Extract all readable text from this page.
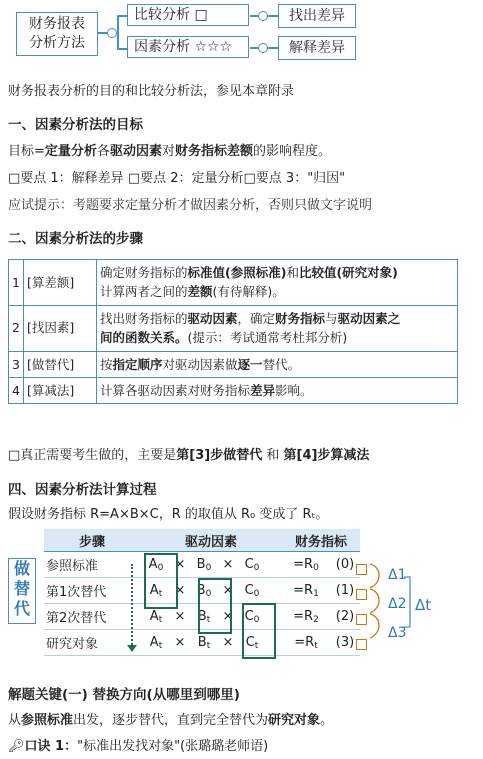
财务报表分析方法
比较分析 □
因素分析 ☆☆☆
找出差异
解释差异
财务报表分析的目的和比较分析法，参见本章附录
一、因素分析法的目标
目标=定量分析各驱动因素对财务指标差额的影响程度。
□要点 1：解释差异 □要点 2：定量分析□要点 3："归因"
应试提示：考题要求定量分析才做因素分析，否则只做文字说明
二、因素分析法的步骤
1	[算差额]	确定财务指标的标准值(参照标准)和比较值(研究对象)
计算两者之间的差额(有待解释)。
2	[找因素]	找出财务指标的驱动因素，确定财务指标与驱动因素之
间的函数关系。(提示：考试通常考杜邦分析)
3	[做替代]	按指定顺序对驱动因素做逐一替代。
4	[算减法]	计算各驱动因素对财务指标差异影响。
□真正需要考生做的，主要是第[3]步做替代 和 第[4]步算减法
四、因素分析法计算过程
假设财务指标 R=A×B×C，R 的取值从 R₀ 变成了 Rₜ。
做
替
代
步骤	驱动因素						财务指标	
参照标准	$A_0$	×	$B_0$	×	$C_0$		$=R_0$	(0)
第1次替代	$A_t$	×	$B_0$	×	$C_0$		$=R_1$	(1)
第2次替代	$A_t$	×	$B_t$	×	$C_0$		$=R_2$	(2)
研究对象	$A_t$	×	$B_t$	×	$C_t$		$=R_t$	(3)
Δ1
Δ2
Δ3
Δt
解题关键(一) 替换方向(从哪里到哪里)
从参照标准出发，逐步替代，直到完全替代为研究对象。
🔑︎口诀 1："标准出发找对象"(张璐璐老师语)
